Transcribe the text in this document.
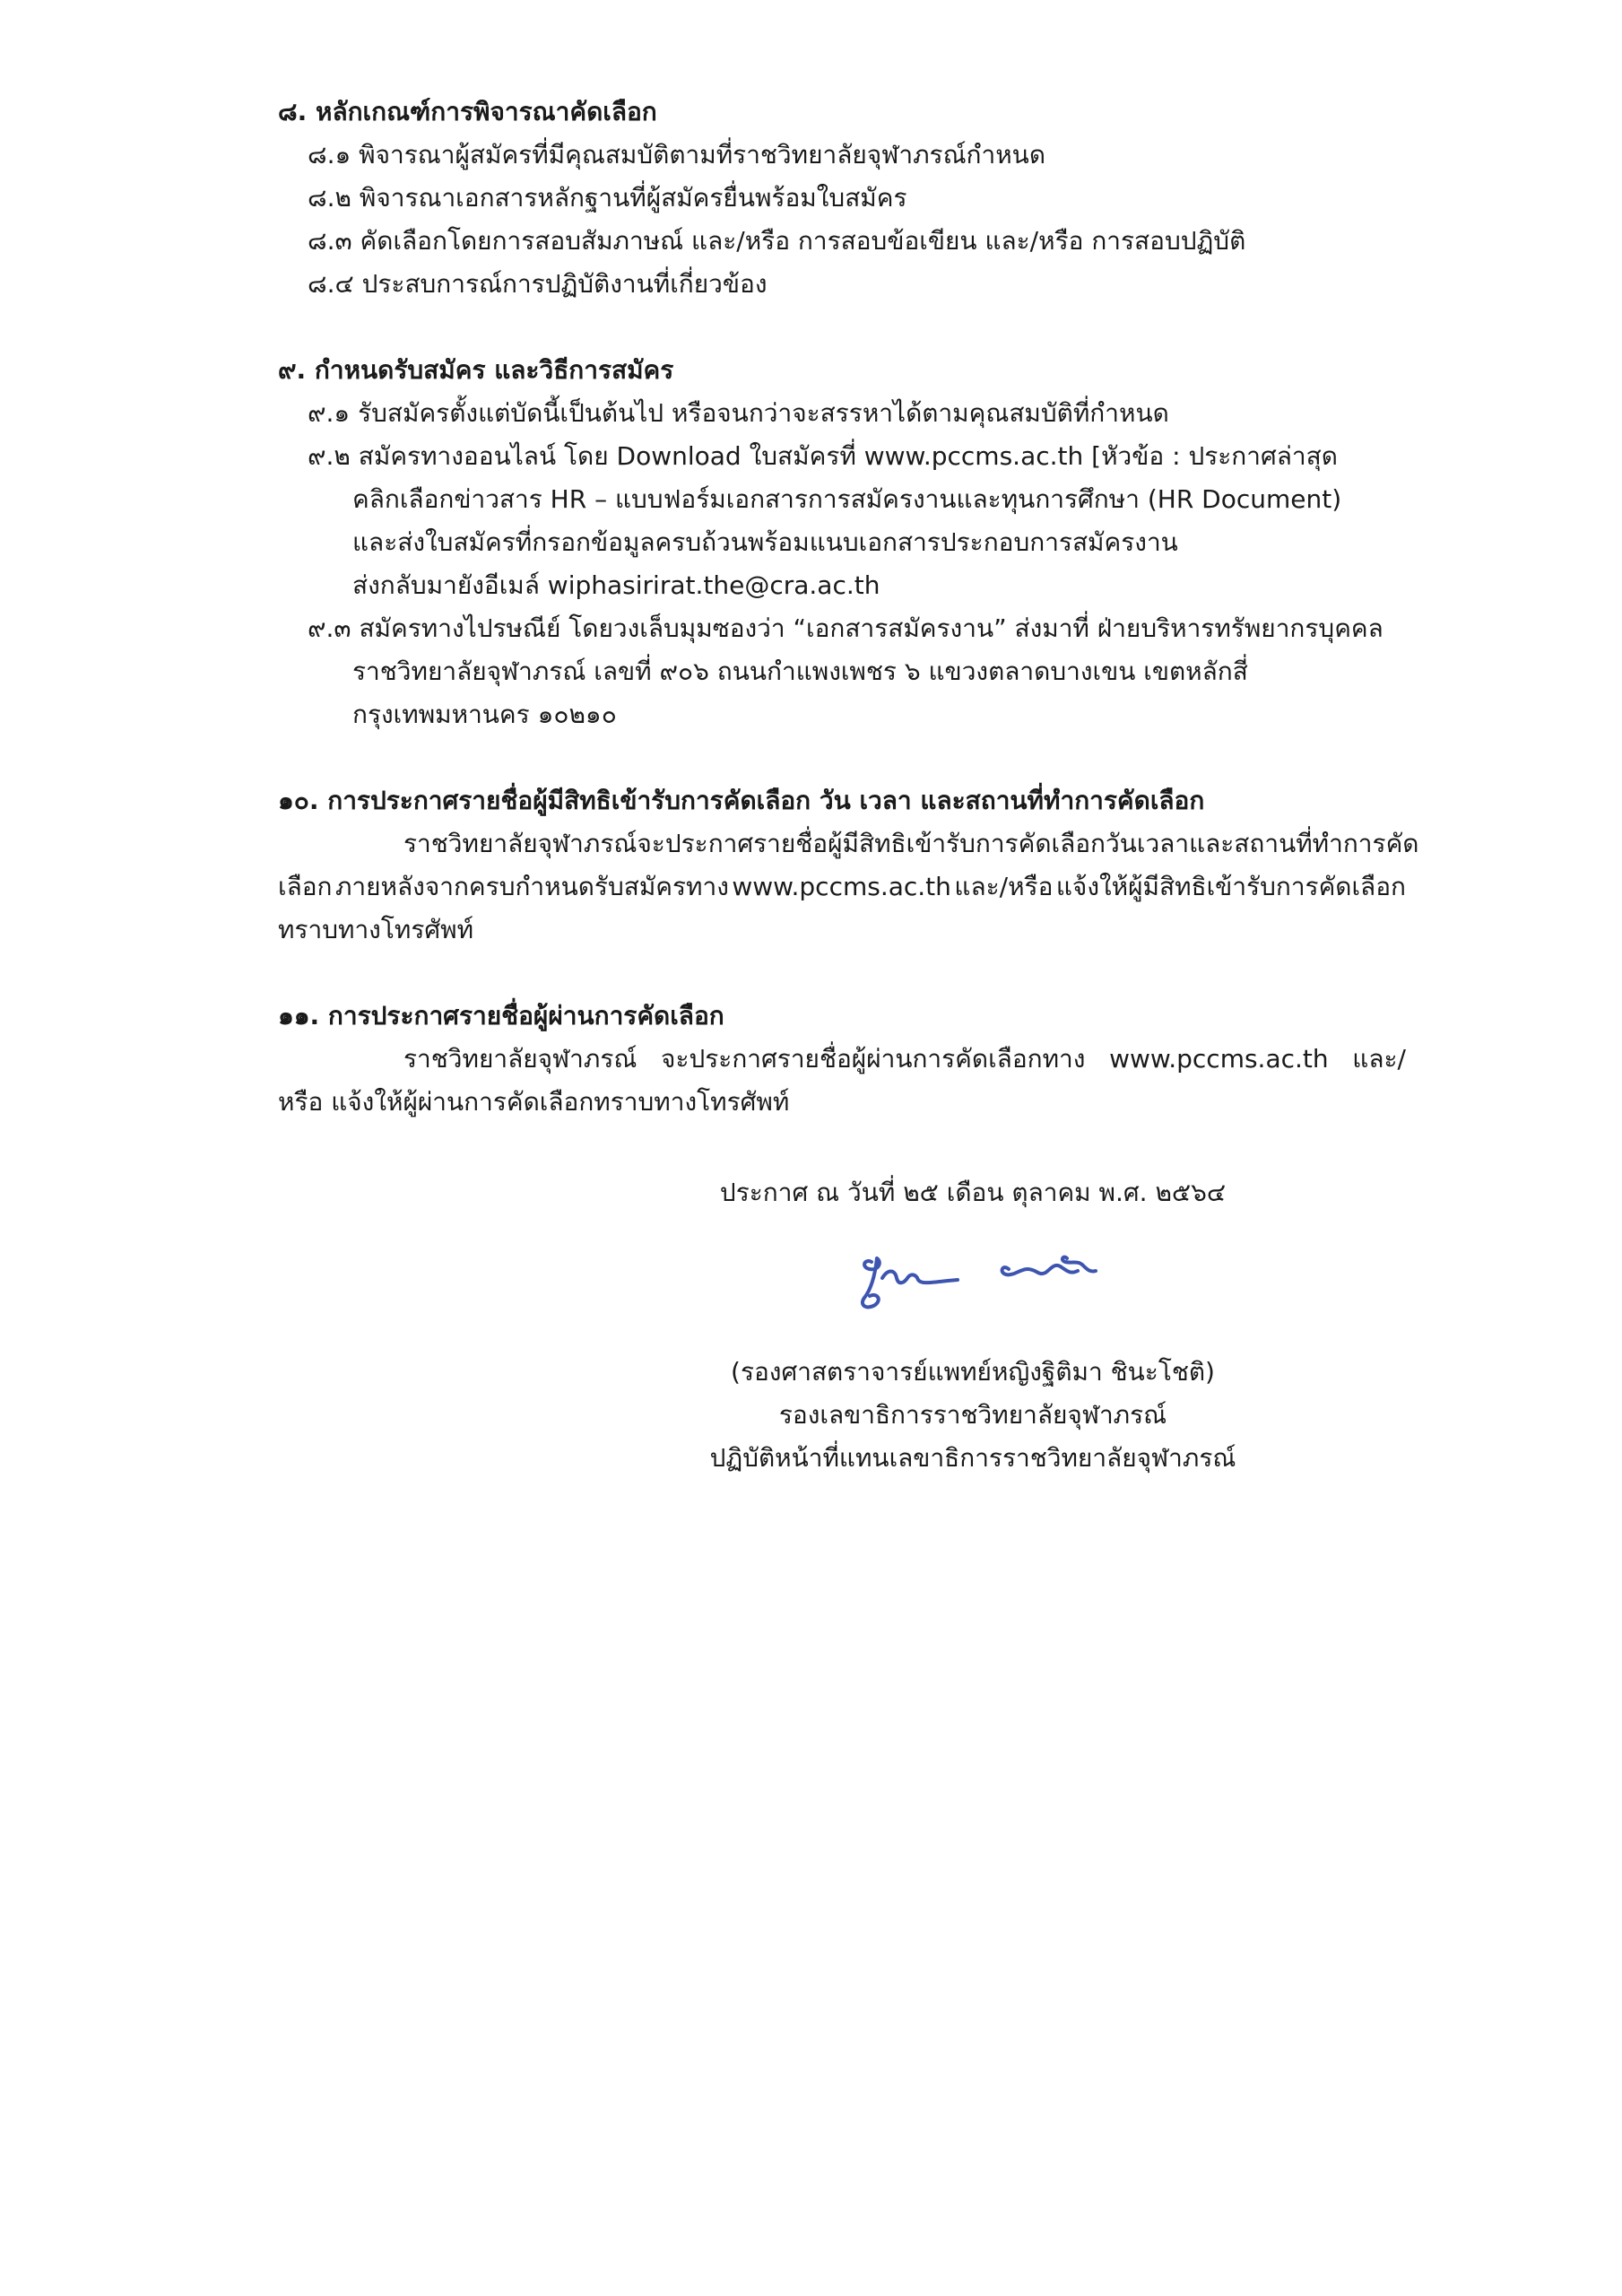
๘. หลักเกณฑ์การพิจารณาคัดเลือก
๘.๑ พิจารณาผู้สมัครที่มีคุณสมบัติตามที่ราชวิทยาลัยจุฬาภรณ์กำหนด
๘.๒ พิจารณาเอกสารหลักฐานที่ผู้สมัครยื่นพร้อมใบสมัคร
๘.๓ คัดเลือกโดยการสอบสัมภาษณ์ และ/หรือ การสอบข้อเขียน และ/หรือ การสอบปฏิบัติ
๘.๔ ประสบการณ์การปฏิบัติงานที่เกี่ยวข้อง
๙. กำหนดรับสมัคร และวิธีการสมัคร
๙.๑ รับสมัครตั้งแต่บัดนี้เป็นต้นไป หรือจนกว่าจะสรรหาได้ตามคุณสมบัติที่กำหนด
๙.๒ สมัครทางออนไลน์ โดย Download ใบสมัครที่ www.pccms.ac.th [หัวข้อ : ประกาศล่าสุด
คลิกเลือกข่าวสาร HR – แบบฟอร์มเอกสารการสมัครงานและทุนการศึกษา (HR Document)
และส่งใบสมัครที่กรอกข้อมูลครบถ้วนพร้อมแนบเอกสารประกอบการสมัครงาน
ส่งกลับมายังอีเมล์ wiphasirirat.the@cra.ac.th
๙.๓ สมัครทางไปรษณีย์ โดยวงเล็บมุมซองว่า “เอกสารสมัครงาน” ส่งมาที่ ฝ่ายบริหารทรัพยากรบุคคล
ราชวิทยาลัยจุฬาภรณ์ เลขที่ ๙๐๖ ถนนกำแพงเพชร ๖ แขวงตลาดบางเขน เขตหลักสี่
กรุงเทพมหานคร ๑๐๒๑๐
๑๐. การประกาศรายชื่อผู้มีสิทธิเข้ารับการคัดเลือก วัน เวลา และสถานที่ทำการคัดเลือก
ราชวิทยาลัยจุฬาภรณ์ จะประกาศรายชื่อผู้มีสิทธิเข้ารับการคัดเลือก วัน เวลา และสถานที่ทำการคัด
เลือก ภายหลังจากครบกำหนดรับสมัครทาง www.pccms.ac.th และ/หรือ แจ้งให้ผู้มีสิทธิเข้ารับการคัดเลือก
ทราบทางโทรศัพท์
๑๑. การประกาศรายชื่อผู้ผ่านการคัดเลือก
ราชวิทยาลัยจุฬาภรณ์ จะประกาศรายชื่อผู้ผ่านการคัดเลือกทาง www.pccms.ac.th และ/
หรือ แจ้งให้ผู้ผ่านการคัดเลือกทราบทางโทรศัพท์
ประกาศ ณ วันที่ ๒๕ เดือน ตุลาคม พ.ศ. ๒๕๖๔
(รองศาสตราจารย์แพทย์หญิงฐิติมา ชินะโชติ)
รองเลขาธิการราชวิทยาลัยจุฬาภรณ์
ปฏิบัติหน้าที่แทนเลขาธิการราชวิทยาลัยจุฬาภรณ์
